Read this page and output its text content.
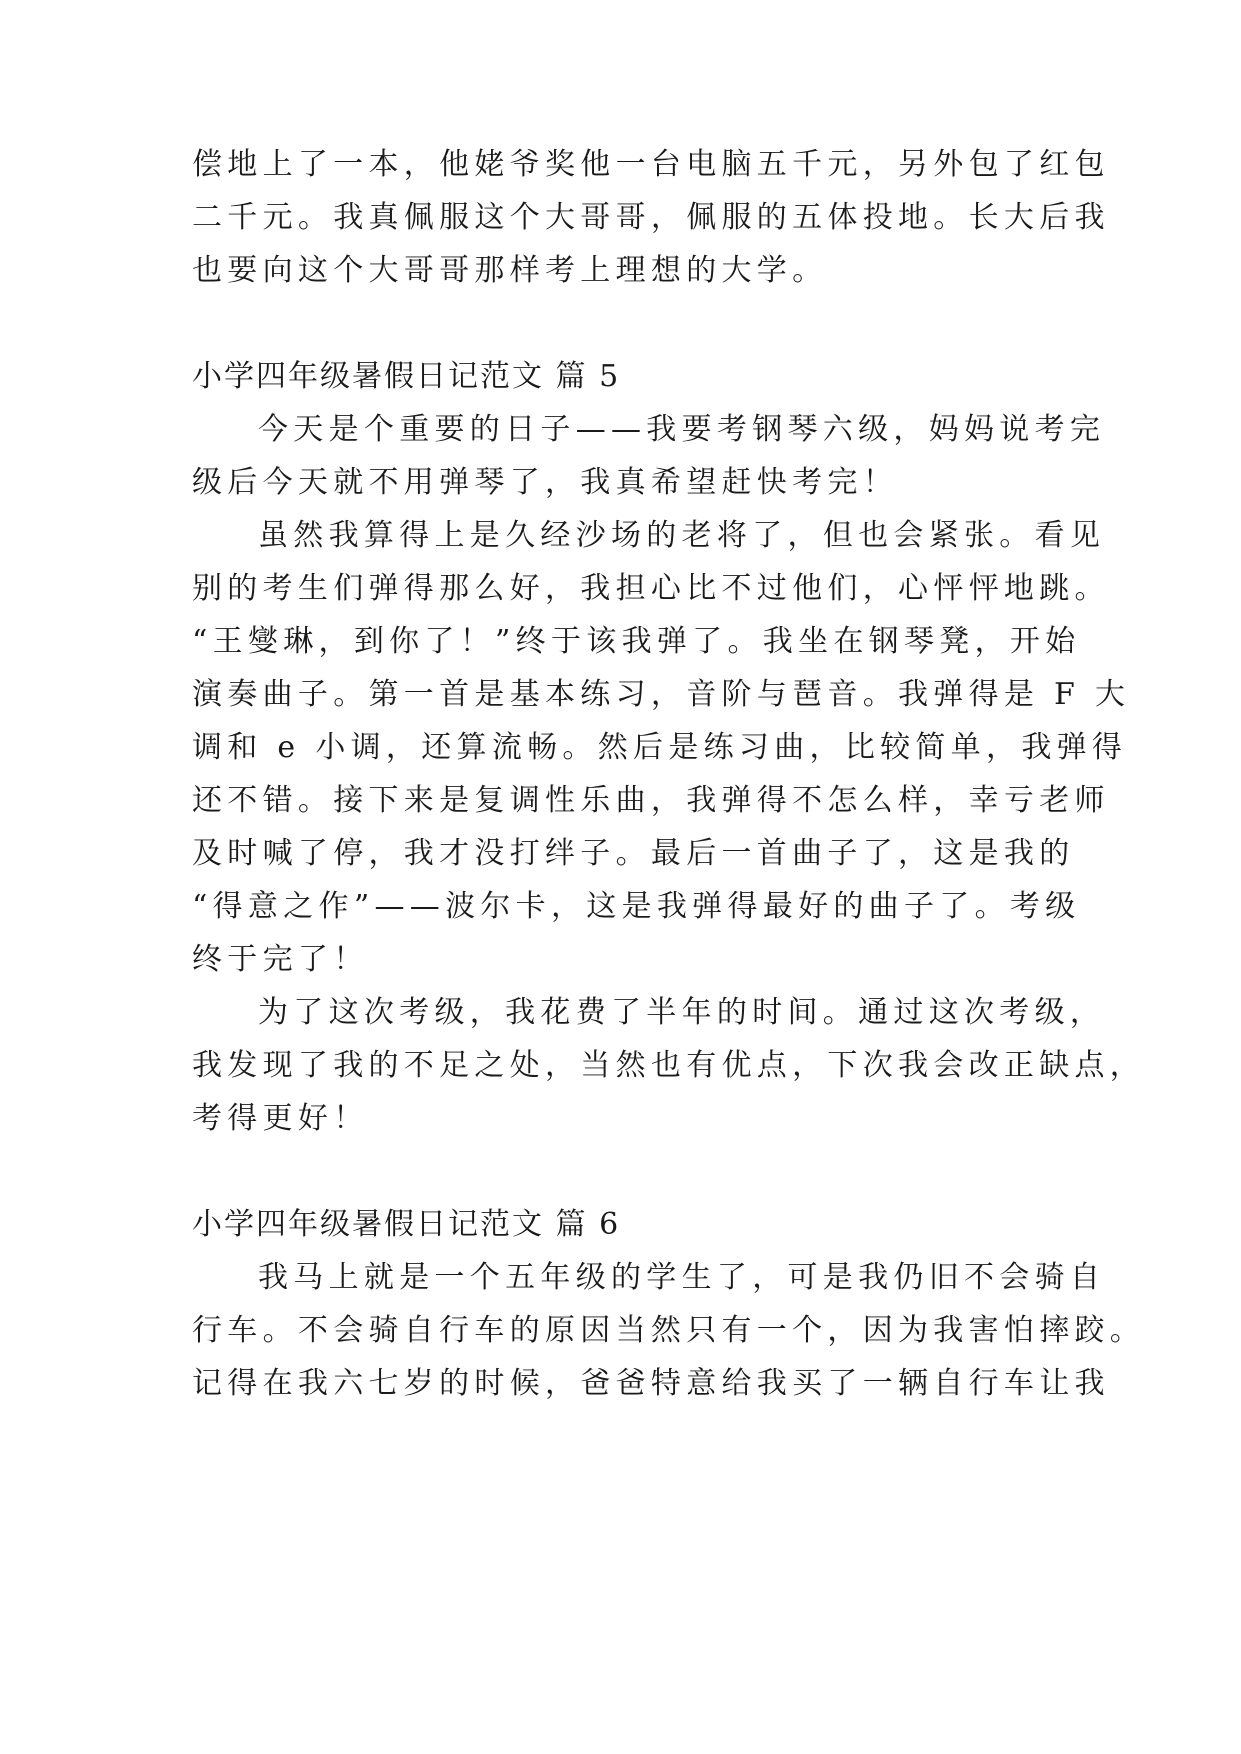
偿地上了一本，他姥爷奖他一台电脑五千元，另外包了红包
二千元。我真佩服这个大哥哥，佩服的五体投地。长大后我
也要向这个大哥哥那样考上理想的大学。
小学四年级暑假日记范文 篇 5
今天是个重要的日子——我要考钢琴六级，妈妈说考完
级后今天就不用弹琴了，我真希望赶快考完！
虽然我算得上是久经沙场的老将了，但也会紧张。看见
别的考生们弹得那么好，我担心比不过他们，心怦怦地跳。
“王燮琳，到你了！”终于该我弹了。我坐在钢琴凳，开始
演奏曲子。第一首是基本练习，音阶与琶音。我弹得是 F 大
调和 e 小调，还算流畅。然后是练习曲，比较简单，我弹得
还不错。接下来是复调性乐曲，我弹得不怎么样，幸亏老师
及时喊了停，我才没打绊子。最后一首曲子了，这是我的
“得意之作”——波尔卡，这是我弹得最好的曲子了。考级
终于完了！
为了这次考级，我花费了半年的时间。通过这次考级，
我发现了我的不足之处，当然也有优点，下次我会改正缺点，
考得更好！
小学四年级暑假日记范文 篇 6
我马上就是一个五年级的学生了，可是我仍旧不会骑自
行车。不会骑自行车的原因当然只有一个，因为我害怕摔跤。
记得在我六七岁的时候，爸爸特意给我买了一辆自行车让我
